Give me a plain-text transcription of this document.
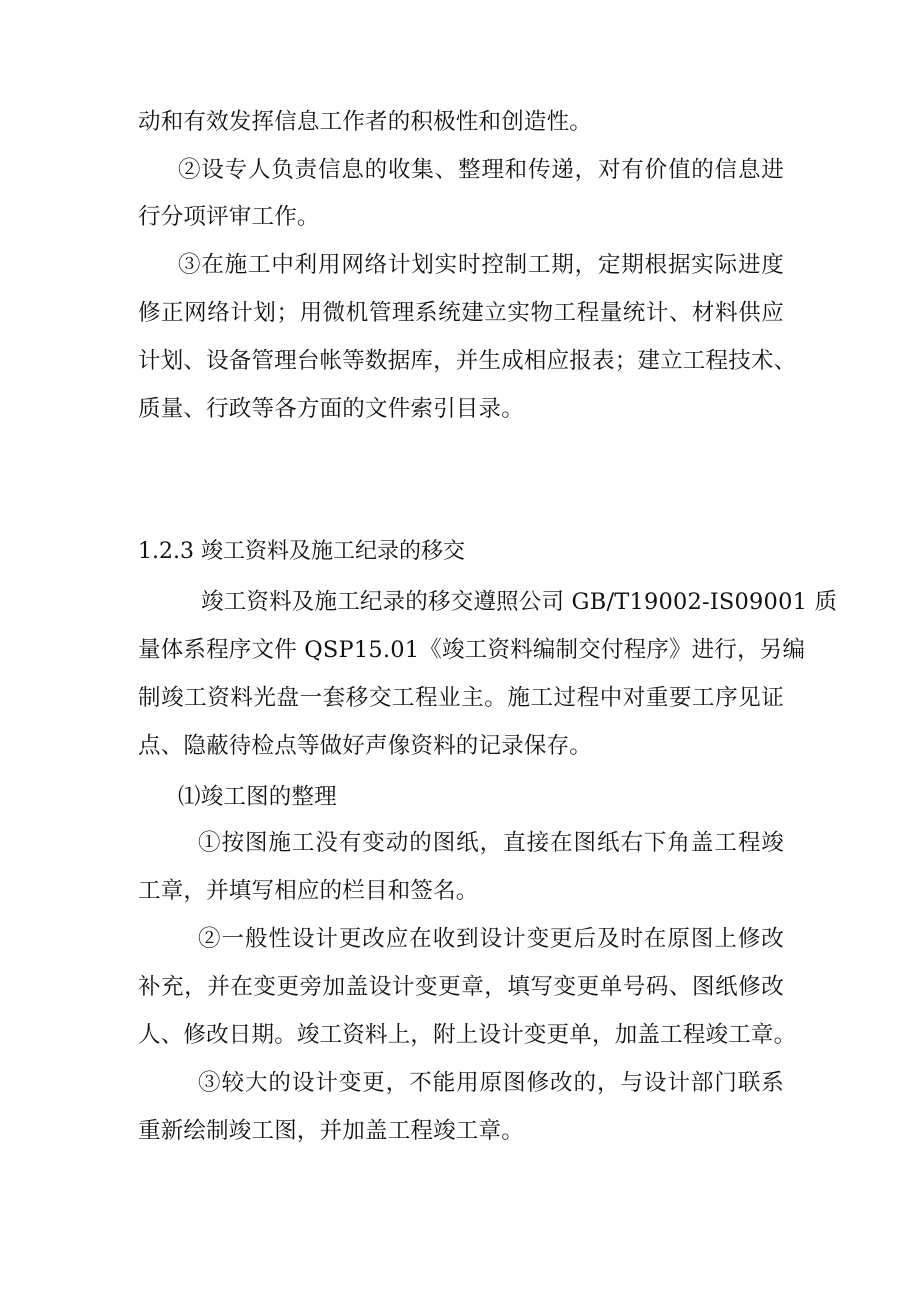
动和有效发挥信息工作者的积极性和创造性。
②设专人负责信息的收集、整理和传递，对有价值的信息进
行分项评审工作。
③在施工中利用网络计划实时控制工期，定期根据实际进度
修正网络计划；用微机管理系统建立实物工程量统计、材料供应
计划、设备管理台帐等数据库，并生成相应报表；建立工程技术、
质量、行政等各方面的文件索引目录。
1.2.3 竣工资料及施工纪录的移交
竣工资料及施工纪录的移交遵照公司 GB/T19002-IS09001 质
量体系程序文件 QSP15.01《竣工资料编制交付程序》进行，另编
制竣工资料光盘一套移交工程业主。施工过程中对重要工序见证
点、隐蔽待检点等做好声像资料的记录保存。
⑴竣工图的整理
①按图施工没有变动的图纸，直接在图纸右下角盖工程竣
工章，并填写相应的栏目和签名。
②一般性设计更改应在收到设计变更后及时在原图上修改
补充，并在变更旁加盖设计变更章，填写变更单号码、图纸修改
人、修改日期。竣工资料上，附上设计变更单，加盖工程竣工章。
③较大的设计变更，不能用原图修改的，与设计部门联系
重新绘制竣工图，并加盖工程竣工章。
